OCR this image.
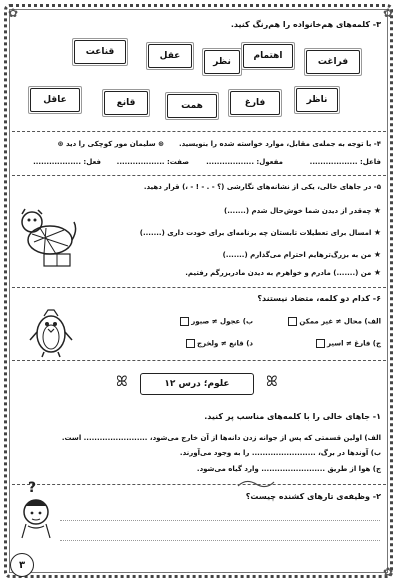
✿	✿
✿
۳- کلمه‌های هم‌خانواده را هم‌رنگ کنید.
فراغت
اهتمام
نظر
عقل
قناعت
ناظر
فارغ
همت
قانع
عاقل
۴- با توجه به جمله‌ی مقابل، موارد خواسته شده را بنویسید.
⊛ سلیمان مور کوچکی را دید ⊛
فاعل: ..................
مفعول: ..................
صفت: ..................
فعل: ..................
۵- در جاهای خالی، یکی از نشانه‌های نگارشی (؟ - . - ! - ،) قرار دهید.
★ چه‌قدر از دیدن شما خوش‌حال شدم (.......)
★ امسال برای تعطیلات تابستان چه برنامه‌ای برای خودت داری (.......)
★ من به بزرگ‌ترهایم احترام می‌گذارم (.......)
★ من (.......) مادرم و خواهرم به دیدن مادربزرگم رفتیم.
۶- کدام دو کلمه، متضاد نیستند؟
الف) محال ≠ غیر ممکن
ب) عجول ≠ صبور
ج) فارغ ≠ اسیر
د) قانع ≠ ولخرج
ꕤ	علوم؛ درس ۱۲	ꕤ
۱- جاهای خالی را با کلمه‌های مناسب پر کنید.
الف) اولین قسمتی که پس از جوانه زدن دانه‌ها از آن خارج می‌شود، ........................ است.
ب) آوندها در برگ، ........................ را به وجود می‌آورند.
ج) هوا از طریق ........................ وارد گیاه می‌شود.
۲- وظیفه‌ی تارهای کشنده چیست؟
?
۳
